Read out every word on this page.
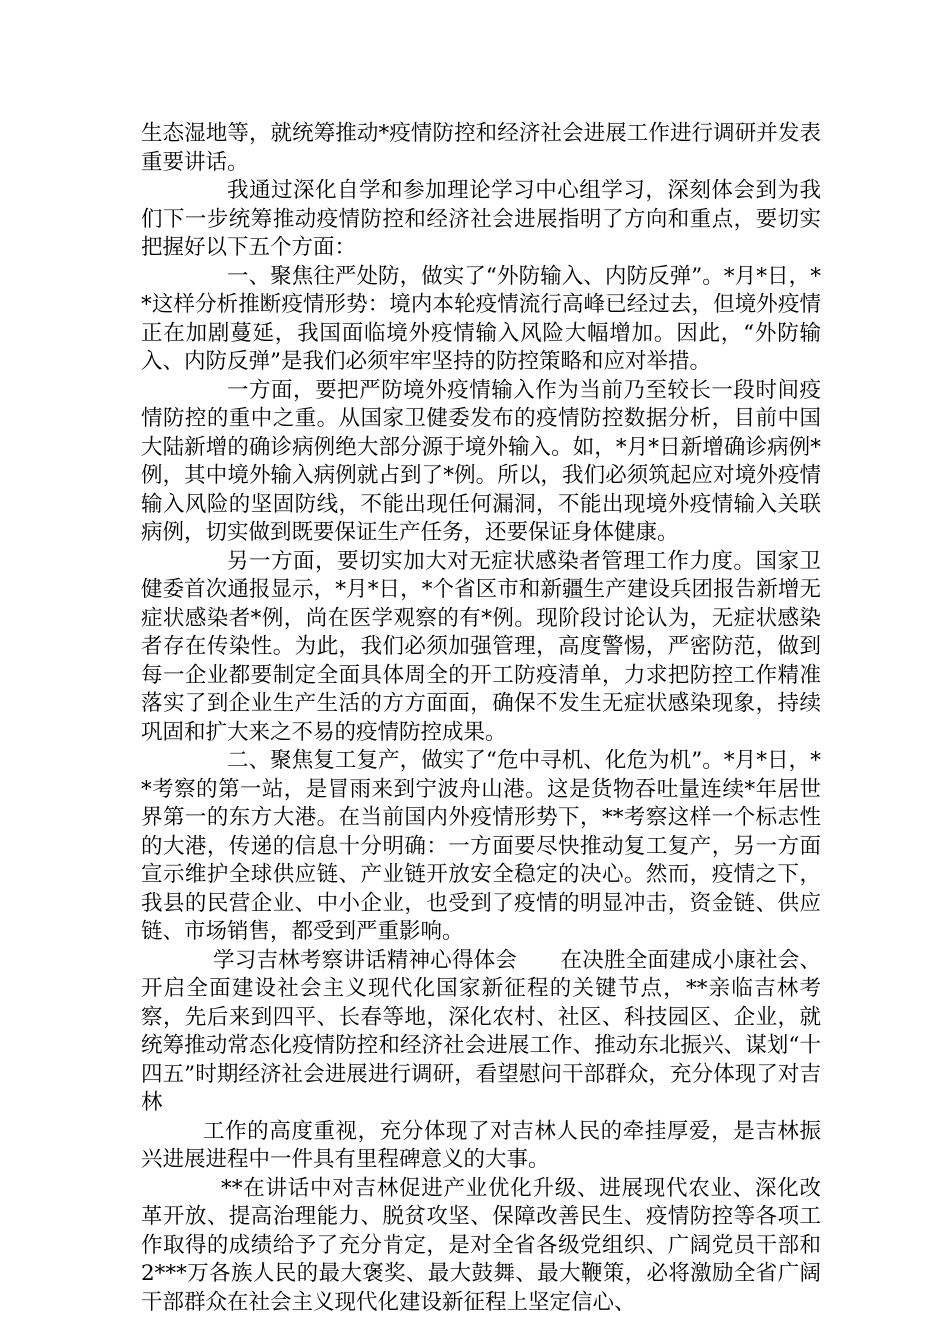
生态湿地等，就统筹推动*疫情防控和经济社会进展工作进行调研并发表重要讲话。

我通过深化自学和参加理论学习中心组学习，深刻体会到为我们下一步统筹推动疫情防控和经济社会进展指明了方向和重点，要切实把握好以下五个方面：

一、聚焦往严处防，做实了“外防输入、内防反弹”。*月*日，**这样分析推断疫情形势：境内本轮疫情流行高峰已经过去，但境外疫情正在加剧蔓延，我国面临境外疫情输入风险大幅增加。因此，“外防输入、内防反弹”是我们必须牢牢坚持的防控策略和应对举措。

一方面，要把严防境外疫情输入作为当前乃至较长一段时间疫情防控的重中之重。从国家卫健委发布的疫情防控数据分析，目前中国大陆新增的确诊病例绝大部分源于境外输入。如，*月*日新增确诊病例*例，其中境外输入病例就占到了*例。所以，我们必须筑起应对境外疫情输入风险的坚固防线，不能出现任何漏洞，不能出现境外疫情输入关联病例，切实做到既要保证生产任务，还要保证身体健康。

另一方面，要切实加大对无症状感染者管理工作力度。国家卫健委首次通报显示，*月*日，*个省区市和新疆生产建设兵团报告新增无症状感染者*例，尚在医学观察的有*例。现阶段讨论认为，无症状感染者存在传染性。为此，我们必须加强管理，高度警惕，严密防范，做到每一企业都要制定全面具体周全的开工防疫清单，力求把防控工作精准落实了到企业生产生活的方方面面，确保不发生无症状感染现象，持续巩固和扩大来之不易的疫情防控成果。

二、聚焦复工复产，做实了“危中寻机、化危为机”。*月*日，**考察的第一站，是冒雨来到宁波舟山港。这是货物吞吐量连续*年居世界第一的东方大港。在当前国内外疫情形势下，**考察这样一个标志性的大港，传递的信息十分明确：一方面要尽快推动复工复产，另一方面宣示维护全球供应链、产业链开放安全稳定的决心。然而，疫情之下，我县的民营企业、中小企业，也受到了疫情的明显冲击，资金链、供应链、市场销售，都受到严重影响。

学习吉林考察讲话精神心得体会　　在决胜全面建成小康社会、开启全面建设社会主义现代化国家新征程的关键节点，**亲临吉林考察，先后来到四平、长春等地，深化农村、社区、科技园区、企业，就统筹推动常态化疫情防控和经济社会进展工作、推动东北振兴、谋划“十四五”时期经济社会进展进行调研，看望慰问干部群众，充分体现了对吉林

工作的高度重视，充分体现了对吉林人民的牵挂厚爱，是吉林振兴进展进程中一件具有里程碑意义的大事。

**在讲话中对吉林促进产业优化升级、进展现代农业、深化改革开放、提高治理能力、脱贫攻坚、保障改善民生、疫情防控等各项工作取得的成绩给予了充分肯定，是对全省各级党组织、广阔党员干部和 2***万各族人民的最大褒奖、最大鼓舞、最大鞭策，必将激励全省广阔干部群众在社会主义现代化建设新征程上坚定信心、
